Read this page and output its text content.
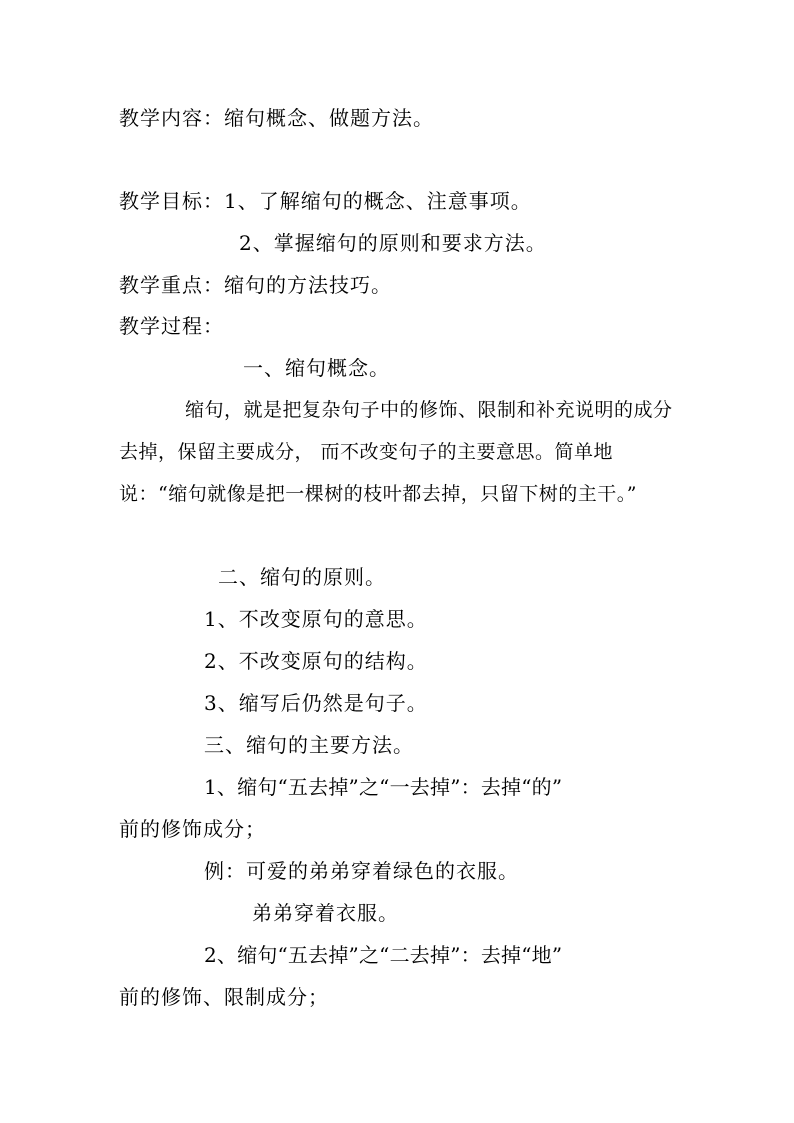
教学内容：缩句概念、做题方法。
教学目标：1、了解缩句的概念、注意事项。
2、掌握缩句的原则和要求方法。
教学重点：缩句的方法技巧。
教学过程：
一、缩句概念。
缩句，就是把复杂句子中的修饰、限制和补充说明的成分去掉，保留主要成分， 而不改变句子的主要意思。简单地说：“缩句就像是把一棵树的枝叶都去掉，只留下树的主干。”
二、缩句的原则。
1、不改变原句的意思。
2、不改变原句的结构。
3、缩写后仍然是句子。
三、缩句的主要方法。
1、缩句“五去掉”之“一去掉”：去掉“的”
前的修饰成分；
例：可爱的弟弟穿着绿色的衣服。
弟弟穿着衣服。
2、缩句“五去掉”之“二去掉”：去掉“地”
前的修饰、限制成分；
